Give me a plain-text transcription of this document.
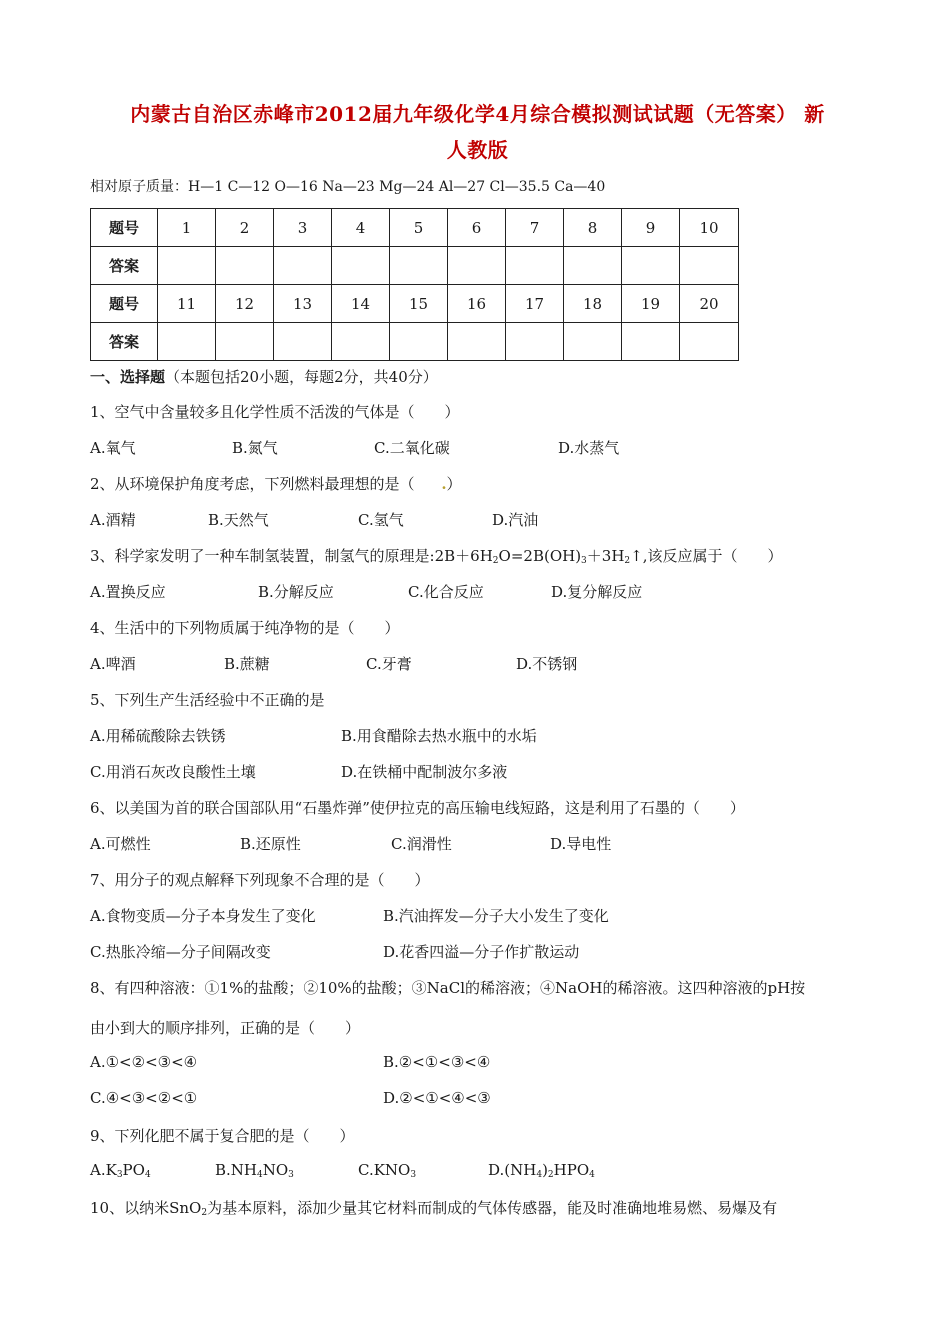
内蒙古自治区赤峰市2012届九年级化学4月综合模拟测试试题（无答案） 新
人教版
相对原子质量：H—1 C—12 O—16 Na—23 Mg—24 Al—27 Cl—35.5 Ca—40
题号	1	2	3	4	5	6	7	8	9	10
答案										
题号	11	12	13	14	15	16	17	18	19	20
答案										
一、选择题（本题包括20小题，每题2分，共40分）
1、空气中含量较多且化学性质不活泼的气体是（　　）
A.氧气	B.氮气	C.二氧化碳	D.水蒸气
2、从环境保护角度考虑，下列燃料最理想的是（ .）
A.酒精	B.天然气	C.氢气	D.汽油
3、科学家发明了一种车制氢装置，制氢气的原理是$:2B+6H_2O=2B(OH)_3+3H_2↑$,该反应属于（　　）
A.置换反应	B.分解反应	C.化合反应	D.复分解反应
4、生活中的下列物质属于纯净物的是（　　）
A.啤酒	B.蔗糖	C.牙膏	D.不锈钢
5、下列生产生活经验中不正确的是
A.用稀硫酸除去铁锈	B.用食醋除去热水瓶中的水垢
C.用消石灰改良酸性土壤	D.在铁桶中配制波尔多液
6、以美国为首的联合国部队用“石墨炸弹”使伊拉克的高压输电线短路，这是利用了石墨的（　　）
A.可燃性	B.还原性	C.润滑性	D.导电性
7、用分子的观点解释下列现象不合理的是（　　）
A.食物变质—分子本身发生了变化	B.汽油挥发—分子大小发生了变化
C.热胀冷缩—分子间隔改变	D.花香四溢—分子作扩散运动
8、有四种溶液：①1%的盐酸；②10%的盐酸；③NaCl的稀溶液；④NaOH的稀溶液。这四种溶液的pH按
由小到大的顺序排列，正确的是（　　）
A.①<②<③<④	B.②<①<③<④
C.④<③<②<①	D.②<①<④<③
9、下列化肥不属于复合肥的是（　　）
$A.K_3PO_4$	$B.NH_4NO_3$	$C.KNO_3$	$D.(NH_4)_2HPO_4$
10、以纳米SnO$_2$为基本原料，添加少量其它材料而制成的气体传感器，能及时准确地堆易燃、易爆及有
